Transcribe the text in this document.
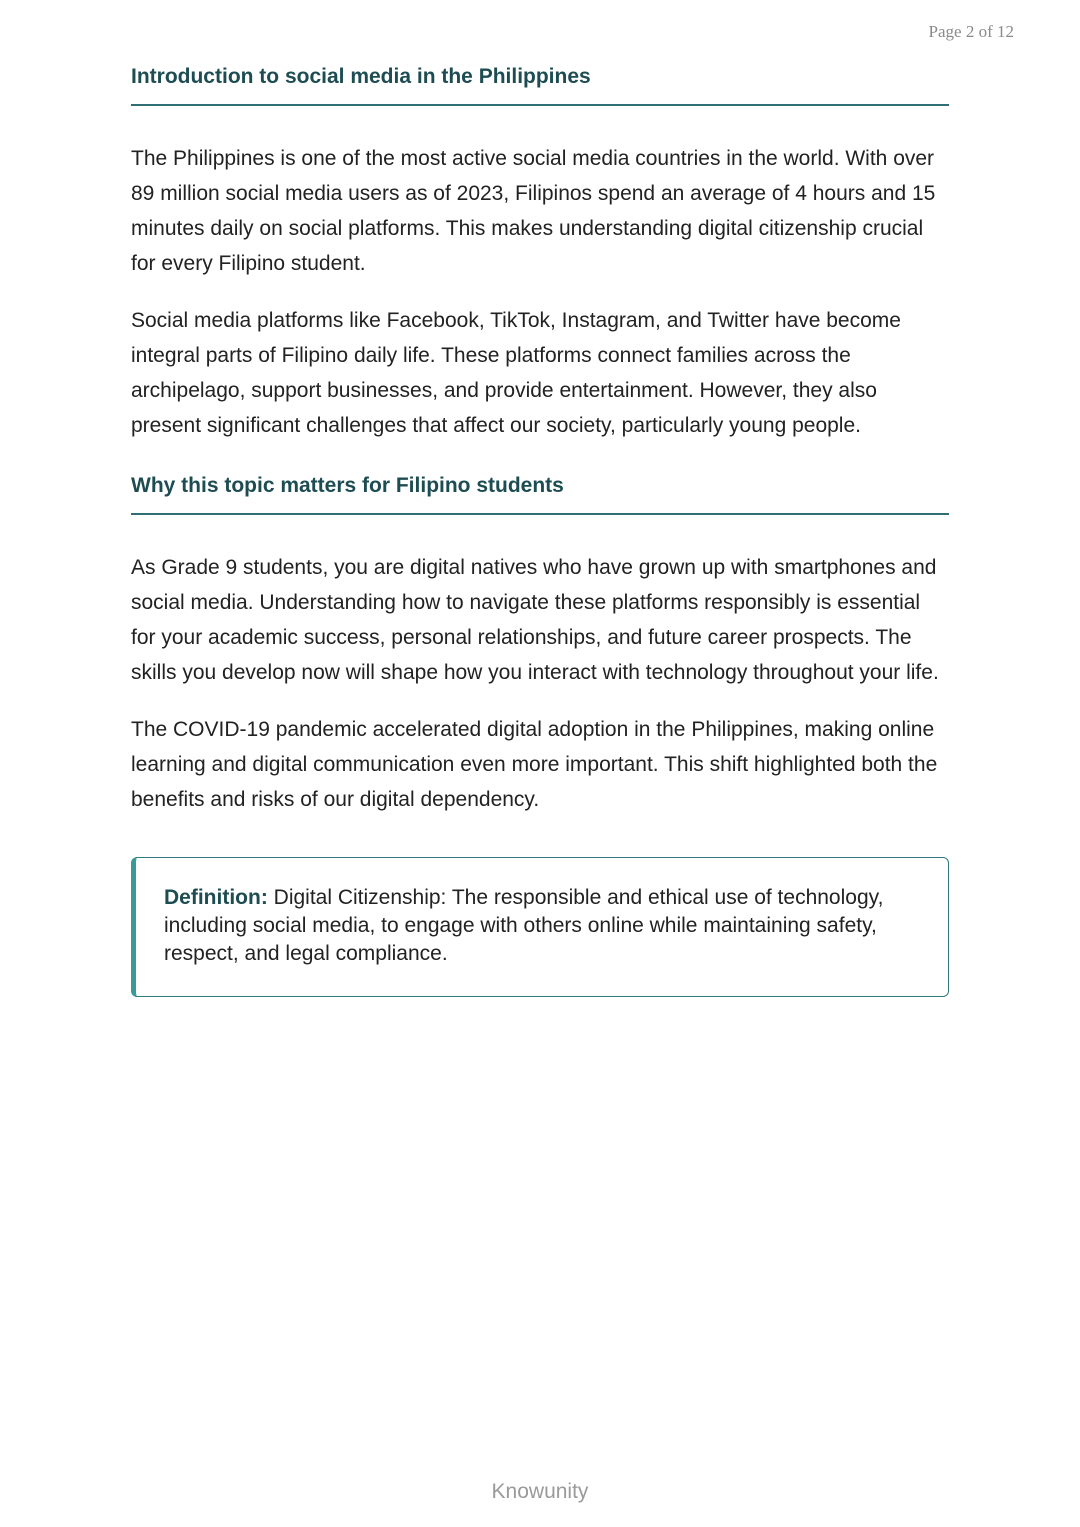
Page 2 of 12
Introduction to social media in the Philippines

The Philippines is one of the most active social media countries in the world. With over 89 million social media users as of 2023, Filipinos spend an average of 4 hours and 15 minutes daily on social platforms. This makes understanding digital citizenship crucial for every Filipino student.

Social media platforms like Facebook, TikTok, Instagram, and Twitter have become integral parts of Filipino daily life. These platforms connect families across the archipelago, support businesses, and provide entertainment. However, they also present significant challenges that affect our society, particularly young people.

Why this topic matters for Filipino students

As Grade 9 students, you are digital natives who have grown up with smartphones and social media. Understanding how to navigate these platforms responsibly is essential for your academic success, personal relationships, and future career prospects. The skills you develop now will shape how you interact with technology throughout your life.

The COVID-19 pandemic accelerated digital adoption in the Philippines, making online learning and digital communication even more important. This shift highlighted both the benefits and risks of our digital dependency.

Definition: Digital Citizenship: The responsible and ethical use of technology, including social media, to engage with others online while maintaining safety, respect, and legal compliance.

Knowunity
